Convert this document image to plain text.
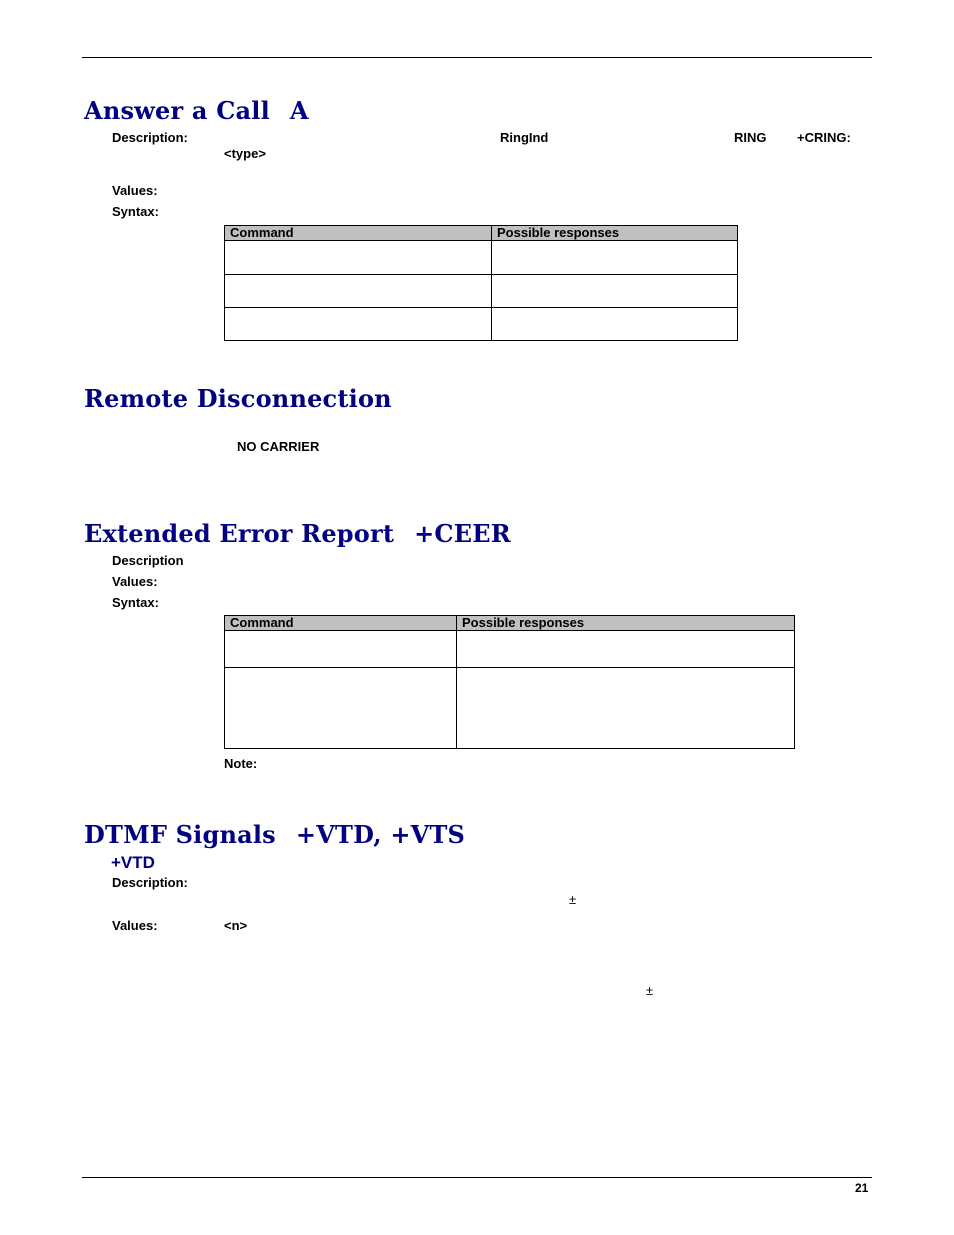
Answer a Call A
Description:	RingInd	RING +CRING:
<type>
Values:
Syntax:
Command	Possible responses

Remote Disconnection
NO CARRIER
Extended Error Report +CEER
Description
Values:
Syntax:
Command	Possible responses

Note:
DTMF Signals +VTD, +VTS
+VTD
Description:
±
Values:	<n>
±
21
